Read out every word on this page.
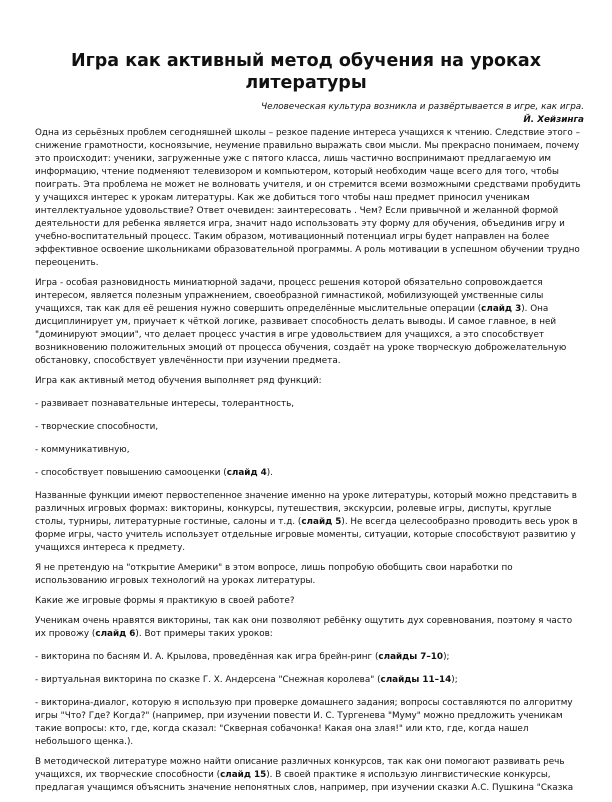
Игра как активный метод обучения на уроках
литературы
Человеческая культура возникла и развёртывается в игре, как игра.
Й. Хейзинга

Одна из серьёзных проблем сегодняшней школы – резкое падение интереса учащихся к чтению. Следствие этого – снижение грамотности, косноязычие, неумение правильно выражать свои мысли. Мы прекрасно понимаем, почему это происходит: ученики, загруженные уже с пятого класса, лишь частично воспринимают предлагаемую им информацию, чтение подменяют телевизором и компьютером, который необходим чаще всего для того, чтобы поиграть. Эта проблема не может не волновать учителя, и он стремится всеми возможными средствами пробудить у учащихся интерес к урокам литературы. Как же добиться того чтобы наш предмет приносил ученикам интеллектуальное удовольствие? Ответ очевиден: заинтересовать . Чем? Если привычной и желанной формой деятельности для ребенка является игра, значит надо использовать эту форму для обучения, объединив игру и учебно-воспитательный процесс. Таким образом, мотивационный потенциал игры будет направлен на более эффективное освоение школьниками образовательной программы. А роль мотивации в успешном обучении трудно переоценить.

Игра - особая разновидность миниатюрной задачи, процесс решения которой обязательно сопровождается интересом, является полезным упражнением, своеобразной гимнастикой, мобилизующей умственные силы учащихся, так как для её решения нужно совершить определённые мыслительные операции (слайд 3). Она дисциплинирует ум, приучает к чёткой логике, развивает способность делать выводы. И самое главное, в ней "доминируют эмоции", что делает процесс участия в игре удовольствием для учащихся, а это способствует возникновению положительных эмоций от процесса обучения, создаёт на уроке творческую доброжелательную обстановку, способствует увлечённости при изучении предмета.

Игра как активный метод обучения выполняет ряд функций:

- развивает познавательные интересы, толерантность,

- творческие способности,

- коммуникативную,

- способствует повышению самооценки (слайд 4).

Названные функции имеют первостепенное значение именно на уроке литературы, который можно представить в различных игровых формах: викторины, конкурсы, путешествия, экскурсии, ролевые игры, диспуты, круглые столы, турниры, литературные гостиные, салоны и т.д. (слайд 5). Не всегда целесообразно проводить весь урок в форме игры, часто учитель использует отдельные игровые моменты, ситуации, которые способствуют развитию у учащихся интереса к предмету.

Я не претендую на "открытие Америки" в этом вопросе, лишь попробую обобщить свои наработки по использованию игровых технологий на уроках литературы.

Какие же игровые формы я практикую в своей работе?

Ученикам очень нравятся викторины, так как они позволяют ребёнку ощутить дух соревнования, поэтому я часто их провожу (слайд 6). Вот примеры таких уроков:

- викторина по басням И. А. Крылова, проведённая как игра брейн-ринг (слайды 7–10);

- виртуальная викторина по сказке Г. Х. Андерсена "Снежная королева" (слайды 11–14);

- викторина-диалог, которую я использую при проверке домашнего задания; вопросы составляются по алгоритму игры "Что? Где? Когда?" (например, при изучении повести И. С. Тургенева "Муму" можно предложить ученикам такие вопросы: кто, где, когда сказал: "Скверная собачонка! Какая она злая!" или кто, где, когда нашел небольшого щенка.).

В методической литературе можно найти описание различных конкурсов, так как они помогают развивать речь учащихся, их творческие способности (слайд 15). В своей практике я использую лингвистические конкурсы, предлагая учащимся объяснить значение непонятных слов, например, при изучении сказки А.С. Пушкина "Сказка
